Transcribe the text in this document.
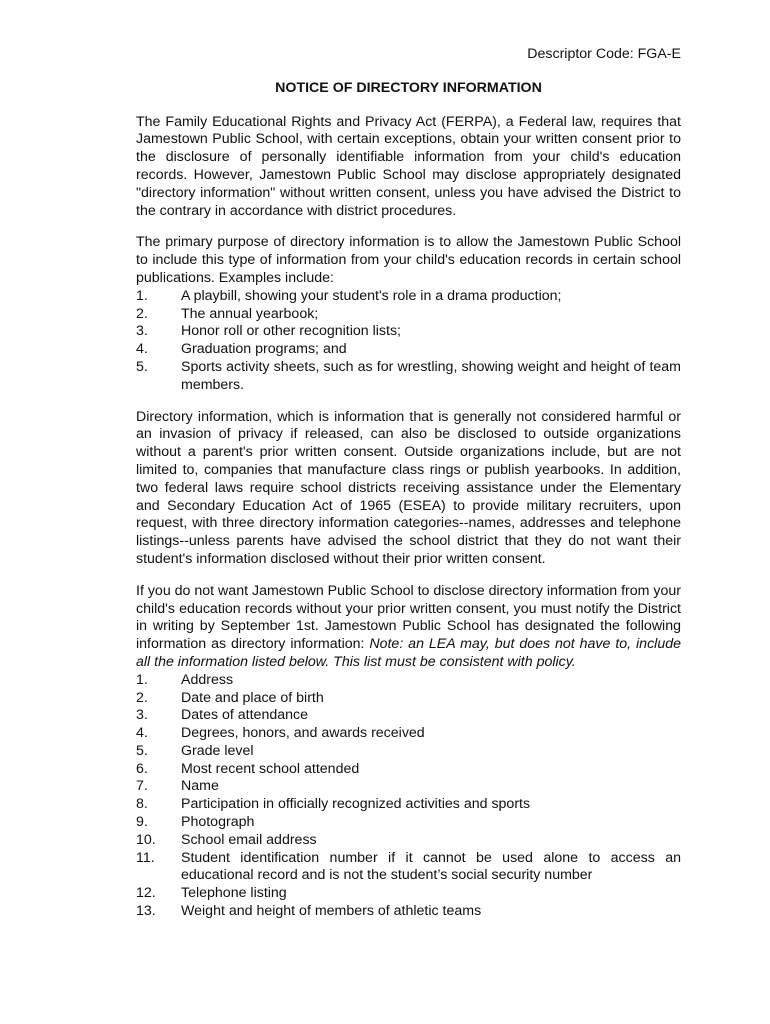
Descriptor Code: FGA-E
NOTICE OF DIRECTORY INFORMATION

The Family Educational Rights and Privacy Act (FERPA), a Federal law, requires that Jamestown Public School, with certain exceptions, obtain your written consent prior to the disclosure of personally identifiable information from your child's education records. However, Jamestown Public School may disclose appropriately designated "directory information" without written consent, unless you have advised the District to the contrary in accordance with district procedures.

The primary purpose of directory information is to allow the Jamestown Public School to include this type of information from your child's education records in certain school publications. Examples include:

1.	A playbill, showing your student's role in a drama production;
2.	The annual yearbook;
3.	Honor roll or other recognition lists;
4.	Graduation programs; and
5.	Sports activity sheets, such as for wrestling, showing weight and height of team members.

Directory information, which is information that is generally not considered harmful or an invasion of privacy if released, can also be disclosed to outside organizations without a parent's prior written consent. Outside organizations include, but are not limited to, companies that manufacture class rings or publish yearbooks. In addition, two federal laws require school districts receiving assistance under the Elementary and Secondary Education Act of 1965 (ESEA) to provide military recruiters, upon request, with three directory information categories--names, addresses and telephone listings--unless parents have advised the school district that they do not want their student's information disclosed without their prior written consent.

If you do not want Jamestown Public School to disclose directory information from your child's education records without your prior written consent, you must notify the District in writing by September 1st. Jamestown Public School has designated the following information as directory information: Note: an LEA may, but does not have to, include all the information listed below. This list must be consistent with policy.

1.	Address
2.	Date and place of birth
3.	Dates of attendance
4.	Degrees, honors, and awards received
5.	Grade level
6.	Most recent school attended
7.	Name
8.	Participation in officially recognized activities and sports
9.	Photograph
10.	School email address
11.	Student identification number if it cannot be used alone to access an educational record and is not the student’s social security number
12.	Telephone listing
13.	Weight and height of members of athletic teams
